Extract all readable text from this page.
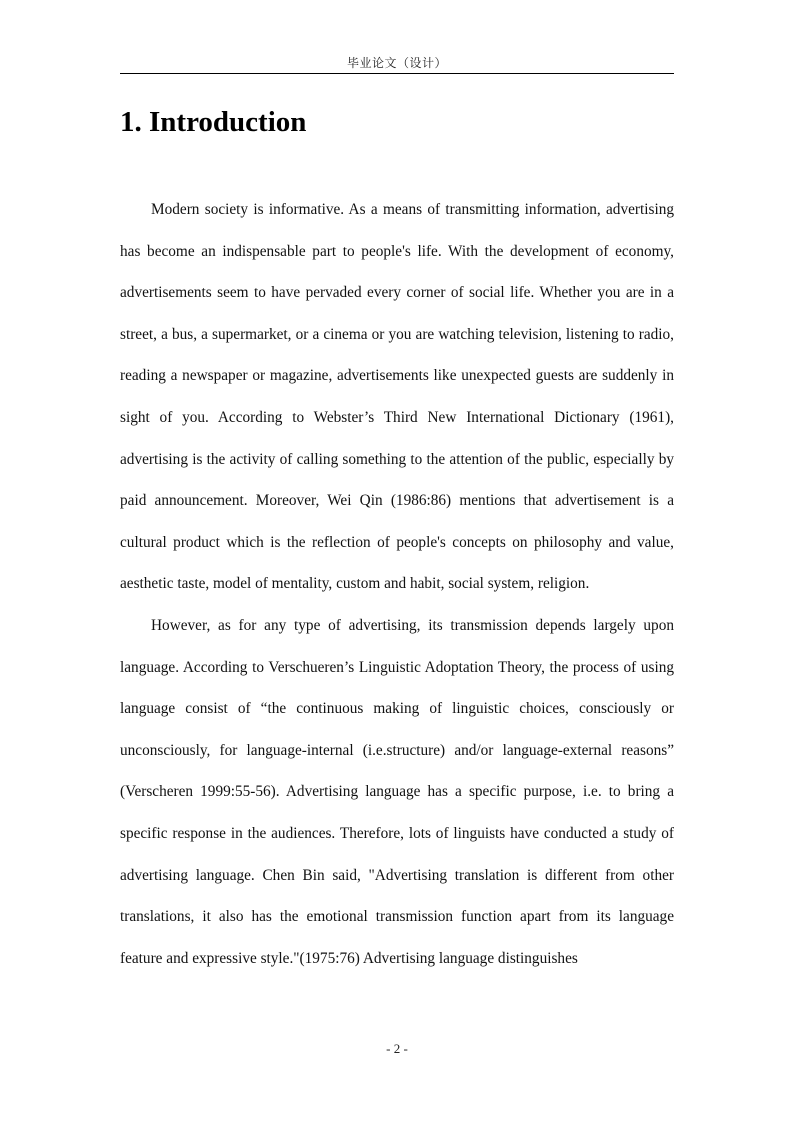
毕业论文（设计）
1. Introduction

Modern society is informative. As a means of transmitting information, advertising has become an indispensable part to people's life. With the development of economy, advertisements seem to have pervaded every corner of social life. Whether you are in a street, a bus, a supermarket, or a cinema or you are watching television, listening to radio, reading a newspaper or magazine, advertisements like unexpected guests are suddenly in sight of you. According to Webster’s Third New International Dictionary (1961), advertising is the activity of calling something to the attention of the public, especially by paid announcement. Moreover, Wei Qin (1986:86) mentions that advertisement is a cultural product which is the reflection of people's concepts on philosophy and value, aesthetic taste, model of mentality, custom and habit, social system, religion.

However, as for any type of advertising, its transmission depends largely upon language. According to Verschueren’s Linguistic Adoptation Theory, the process of using language consist of “the continuous making of linguistic choices, consciously or unconsciously, for language-internal (i.e.structure) and/or language-external reasons” (Verscheren 1999:55-56). Advertising language has a specific purpose, i.e. to bring a specific response in the audiences. Therefore, lots of linguists have conducted a study of advertising language. Chen Bin said, "Advertising translation is different from other translations, it also has the emotional transmission function apart from its language feature and expressive style."(1975:76) Advertising language distinguishes

- 2 -
